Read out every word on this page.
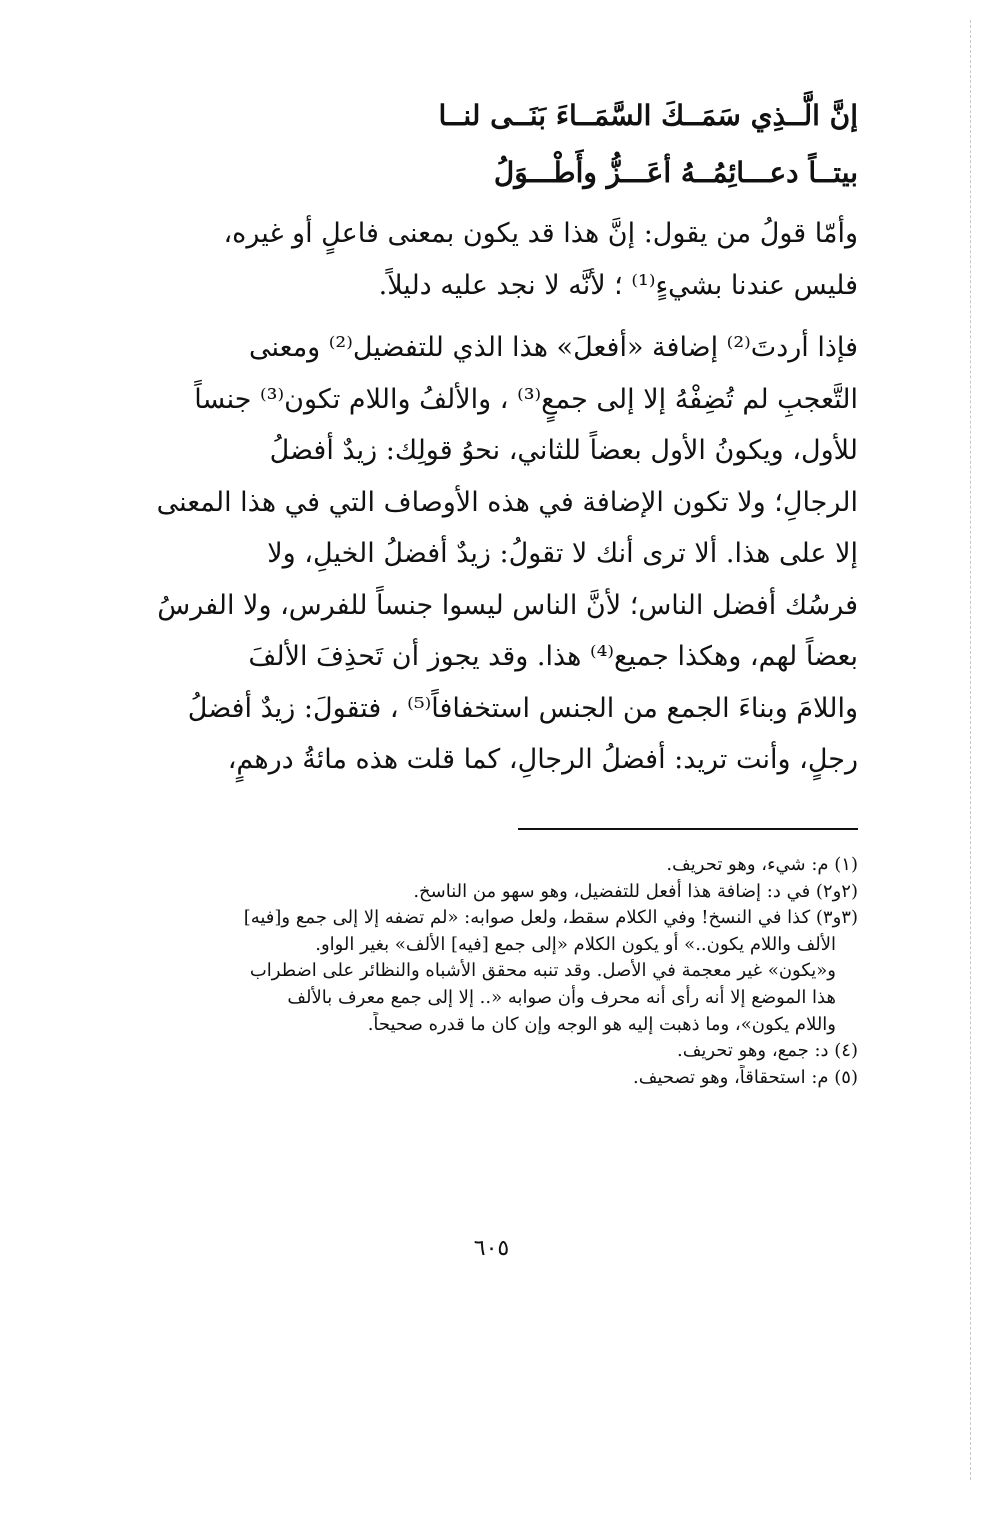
إنَّ الَّــذِي سَمَــكَ السَّمَــاءَ بَنَــى لنــا

بيتــاً دعـــائِمُــهُ أعَـــزُّ وأَطْـــوَلُ

وأمّا قولُ من يقول: إنَّ هذا قد يكون بمعنى فاعلٍ أو غيره،

فليس عندنا بشيءٍ⁽¹⁾ ؛ لأنَّه لا نجد عليه دليلاً.

فإذا أردتَ⁽²⁾ إضافة «أفعلَ» هذا الذي للتفضيل⁽²⁾ ومعنى

التَّعجبِ لم تُضِفْهُ إلا إلى جمعٍ⁽³⁾ ، والألفُ واللام تكون⁽³⁾ جنساً

للأول، ويكونُ الأول بعضاً للثاني، نحوُ قولِك: زيدٌ أفضلُ

الرجالِ؛ ولا تكون الإضافة في هذه الأوصاف التي في هذا المعنى

إلا على هذا. ألا ترى أنك لا تقولُ: زيدٌ أفضلُ الخيلِ، ولا

فرسُك أفضل الناس؛ لأنَّ الناس ليسوا جنساً للفرس، ولا الفرسُ

بعضاً لهم، وهكذا جميع⁽⁴⁾ هذا. وقد يجوز أن تَحذِفَ الألفَ

واللامَ وبناءَ الجمع من الجنس استخفافاً⁽⁵⁾ ، فتقولَ: زيدٌ أفضلُ

رجلٍ، وأنت تريد: أفضلُ الرجالِ، كما قلت هذه مائةُ درهمٍ،

(١) م: شيء، وهو تحريف.

(٢و٢) في د: إضافة هذا أفعل للتفضيل، وهو سهو من الناسخ.

(٣و٣) كذا في النسخ! وفي الكلام سقط، ولعل صوابه: «لم تضفه إلا إلى جمع و[فيه]

الألف واللام يكون..» أو يكون الكلام «إلى جمع [فيه] الألف» بغير الواو.

و«يكون» غير معجمة في الأصل. وقد تنبه محقق الأشباه والنظائر على اضطراب

هذا الموضع إلا أنه رأى أنه محرف وأن صوابه «.. إلا إلى جمع معرف بالألف

واللام يكون»، وما ذهبت إليه هو الوجه وإن كان ما قدره صحيحاً.

(٤) د: جمع، وهو تحريف.

(٥) م: استحقاقاً، وهو تصحيف.

٦٠٥
